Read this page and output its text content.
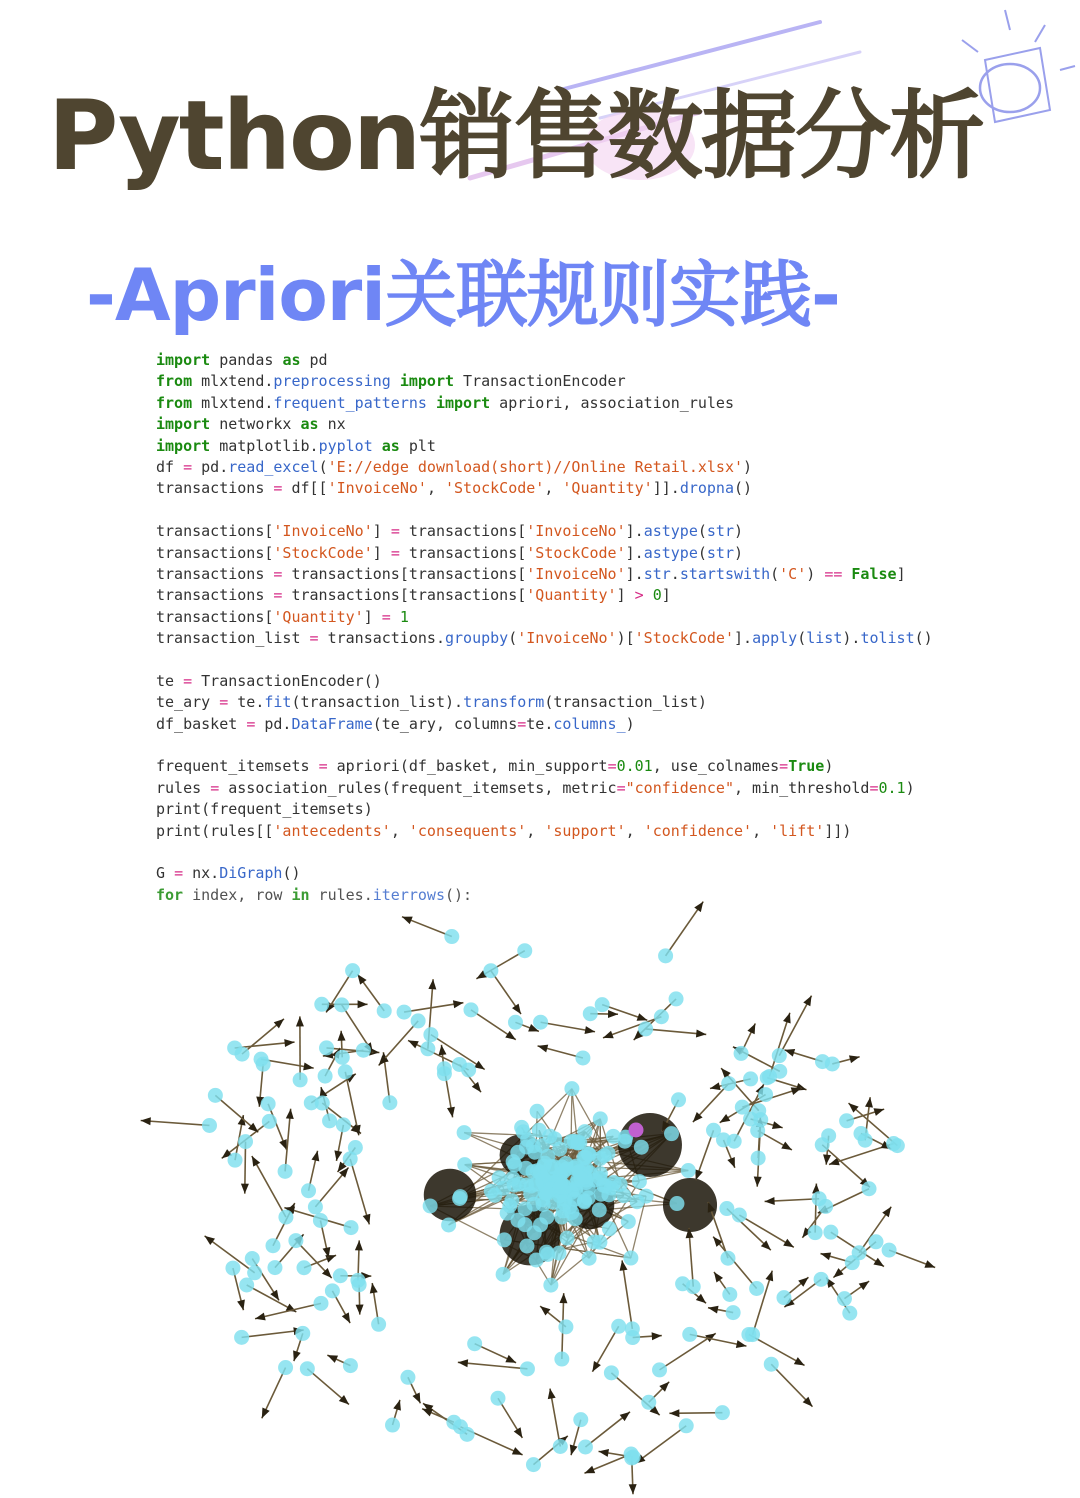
Python销售数据分析
-Apriori关联规则实践-
import pandas as pd
from mlxtend.preprocessing import TransactionEncoder
from mlxtend.frequent_patterns import apriori, association_rules
import networkx as nx
import matplotlib.pyplot as plt
df = pd.read_excel('E://edge download(short)//Online Retail.xlsx')
transactions = df[['InvoiceNo', 'StockCode', 'Quantity']].dropna()
transactions['InvoiceNo'] = transactions['InvoiceNo'].astype(str)
transactions['StockCode'] = transactions['StockCode'].astype(str)
transactions = transactions[transactions['InvoiceNo'].str.startswith('C') == False]
transactions = transactions[transactions['Quantity'] > 0]
transactions['Quantity'] = 1
transaction_list = transactions.groupby('InvoiceNo')['StockCode'].apply(list).tolist()
te = TransactionEncoder()
te_ary = te.fit(transaction_list).transform(transaction_list)
df_basket = pd.DataFrame(te_ary, columns=te.columns_)
frequent_itemsets = apriori(df_basket, min_support=0.01, use_colnames=True)
rules = association_rules(frequent_itemsets, metric="confidence", min_threshold=0.1)
print(frequent_itemsets)
print(rules[['antecedents', 'consequents', 'support', 'confidence', 'lift']])
G = nx.DiGraph()
for index, row in rules.iterrows():
